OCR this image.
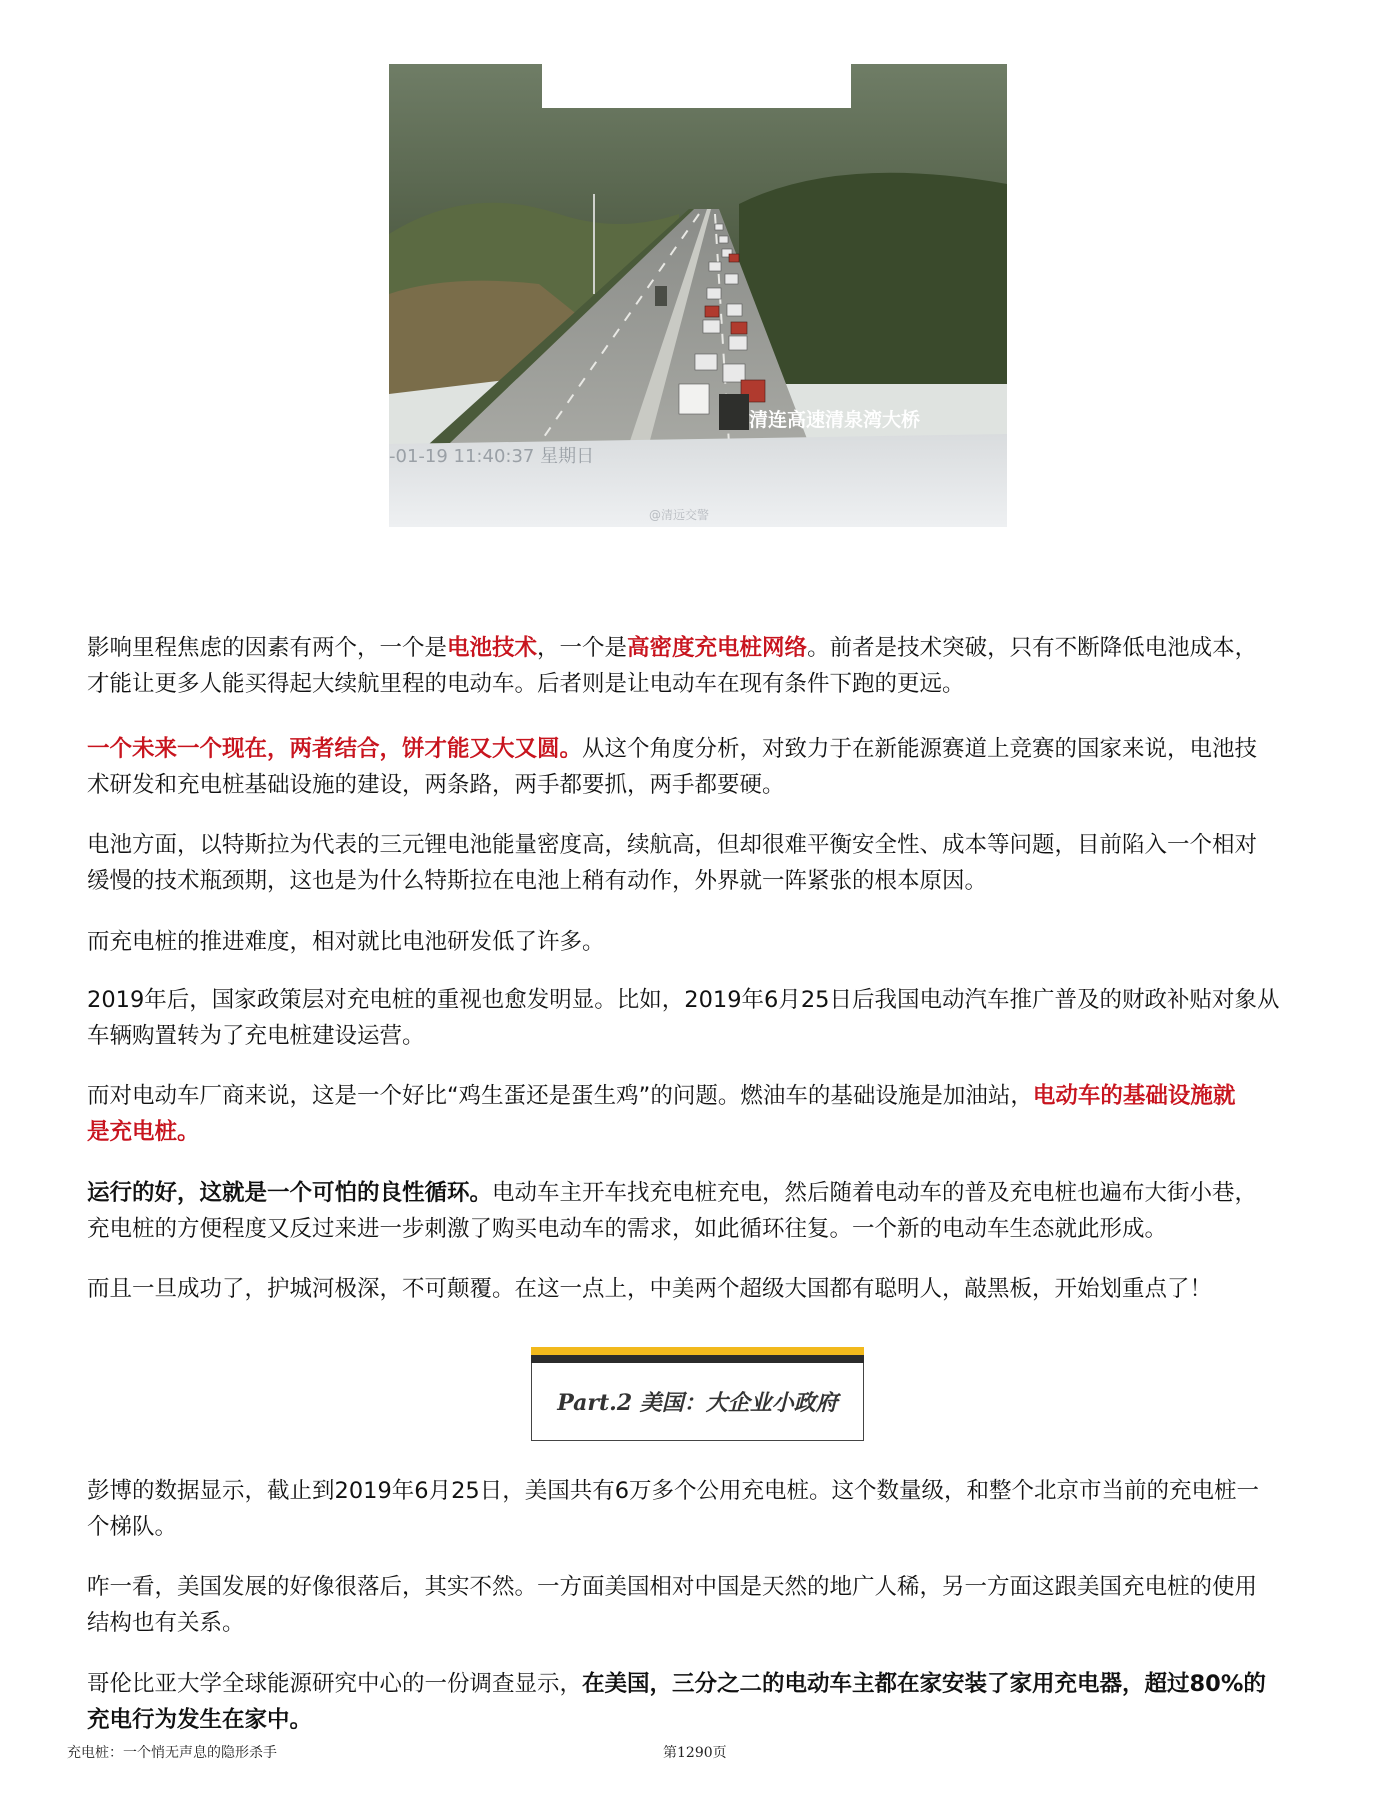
清连高速清泉湾大桥
-01-19 11:40:37 星期日
@清远交警
影响里程焦虑的因素有两个，一个是电池技术，一个是高密度充电桩网络。前者是技术突破，只有不断降低电池成本，
才能让更多人能买得起大续航里程的电动车。后者则是让电动车在现有条件下跑的更远。
一个未来一个现在，两者结合，饼才能又大又圆。从这个角度分析，对致力于在新能源赛道上竞赛的国家来说，电池技
术研发和充电桩基础设施的建设，两条路，两手都要抓，两手都要硬。
电池方面，以特斯拉为代表的三元锂电池能量密度高，续航高，但却很难平衡安全性、成本等问题，目前陷入一个相对
缓慢的技术瓶颈期，这也是为什么特斯拉在电池上稍有动作，外界就一阵紧张的根本原因。
而充电桩的推进难度，相对就比电池研发低了许多。
2019年后，国家政策层对充电桩的重视也愈发明显。比如，2019年6月25日后我国电动汽车推广普及的财政补贴对象从
车辆购置转为了充电桩建设运营。
而对电动车厂商来说，这是一个好比“鸡生蛋还是蛋生鸡”的问题。燃油车的基础设施是加油站，电动车的基础设施就
是充电桩。
运行的好，这就是一个可怕的良性循环。电动车主开车找充电桩充电，然后随着电动车的普及充电桩也遍布大街小巷，
充电桩的方便程度又反过来进一步刺激了购买电动车的需求，如此循环往复。一个新的电动车生态就此形成。
而且一旦成功了，护城河极深，不可颠覆。在这一点上，中美两个超级大国都有聪明人，敲黑板，开始划重点了！
Part.2 美国：大企业小政府
彭博的数据显示，截止到2019年6月25日，美国共有6万多个公用充电桩。这个数量级，和整个北京市当前的充电桩一
个梯队。
咋一看，美国发展的好像很落后，其实不然。一方面美国相对中国是天然的地广人稀，另一方面这跟美国充电桩的使用
结构也有关系。
哥伦比亚大学全球能源研究中心的一份调查显示，在美国，三分之二的电动车主都在家安装了家用充电器，超过80%的
充电行为发生在家中。
充电桩：一个悄无声息的隐形杀手	第1290页
